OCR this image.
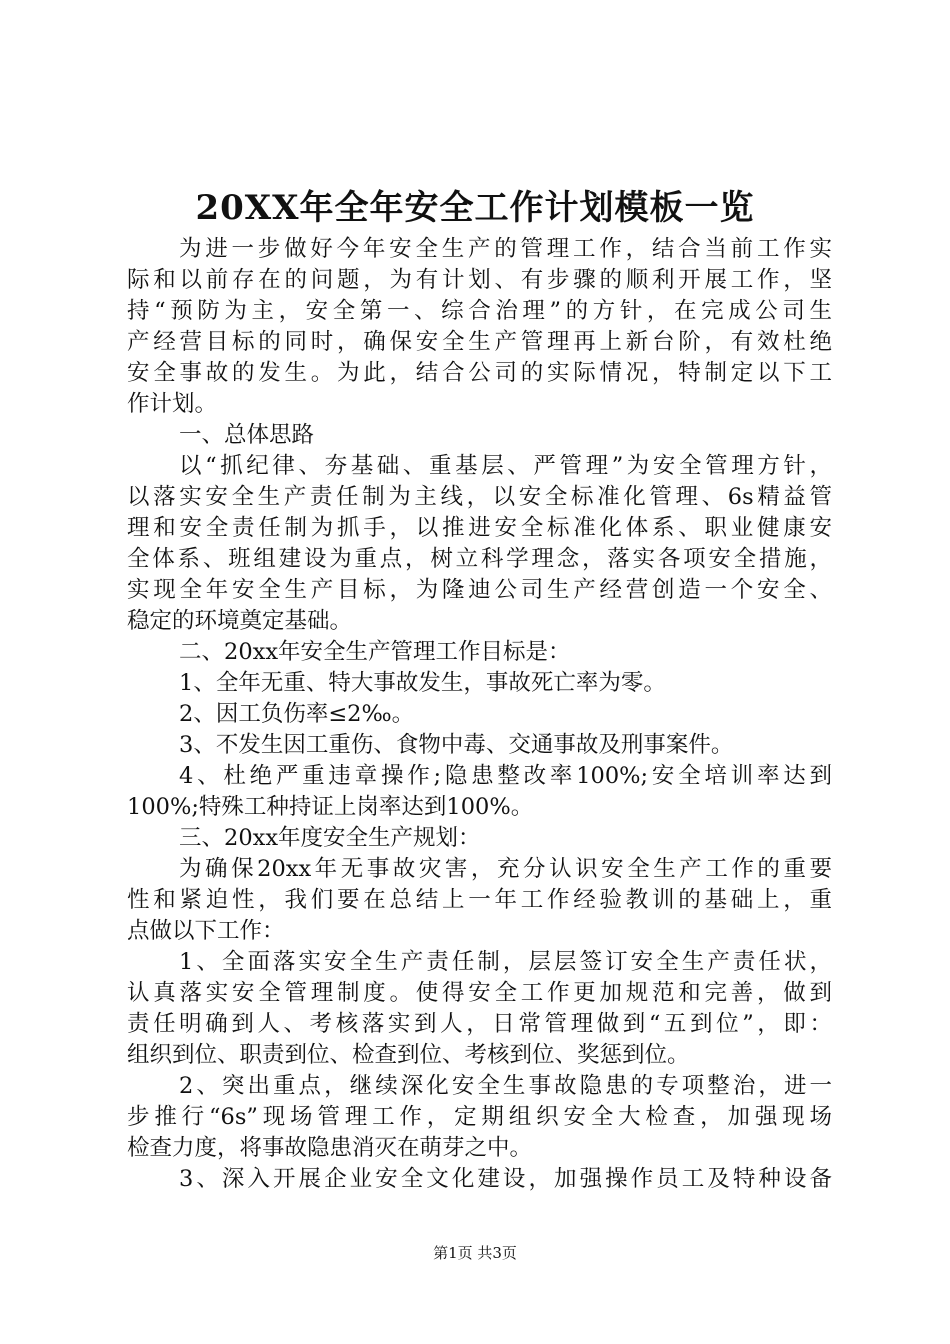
20XX年全年安全工作计划模板一览
为进一步做好今年安全生产的管理工作，结合当前工作实
际和以前存在的问题，为有计划、有步骤的顺利开展工作，坚
持“预防为主，安全第一、综合治理”的方针，在完成公司生
产经营目标的同时，确保安全生产管理再上新台阶，有效杜绝
安全事故的发生。为此，结合公司的实际情况，特制定以下工
作计划。
一、总体思路
以“抓纪律、夯基础、重基层、严管理”为安全管理方针，
以落实安全生产责任制为主线，以安全标准化管理、6s精益管
理和安全责任制为抓手，以推进安全标准化体系、职业健康安
全体系、班组建设为重点，树立科学理念，落实各项安全措施，
实现全年安全生产目标，为隆迪公司生产经营创造一个安全、
稳定的环境奠定基础。
二、20xx年安全生产管理工作目标是：
1、全年无重、特大事故发生，事故死亡率为零。
2、因工负伤率≤2‰。
3、不发生因工重伤、食物中毒、交通事故及刑事案件。
4、杜绝严重违章操作;隐患整改率100%;安全培训率达到
100%;特殊工种持证上岗率达到100%。
三、20xx年度安全生产规划：
为确保20xx年无事故灾害，充分认识安全生产工作的重要
性和紧迫性，我们要在总结上一年工作经验教训的基础上，重
点做以下工作：
1、全面落实安全生产责任制，层层签订安全生产责任状，
认真落实安全管理制度。使得安全工作更加规范和完善，做到
责任明确到人、考核落实到人，日常管理做到“五到位”，即：
组织到位、职责到位、检查到位、考核到位、奖惩到位。
2、突出重点，继续深化安全生事故隐患的专项整治，进一
步推行“6s”现场管理工作，定期组织安全大检查，加强现场
检查力度，将事故隐患消灭在萌芽之中。
3、深入开展企业安全文化建设，加强操作员工及特种设备
第1页 共3页
